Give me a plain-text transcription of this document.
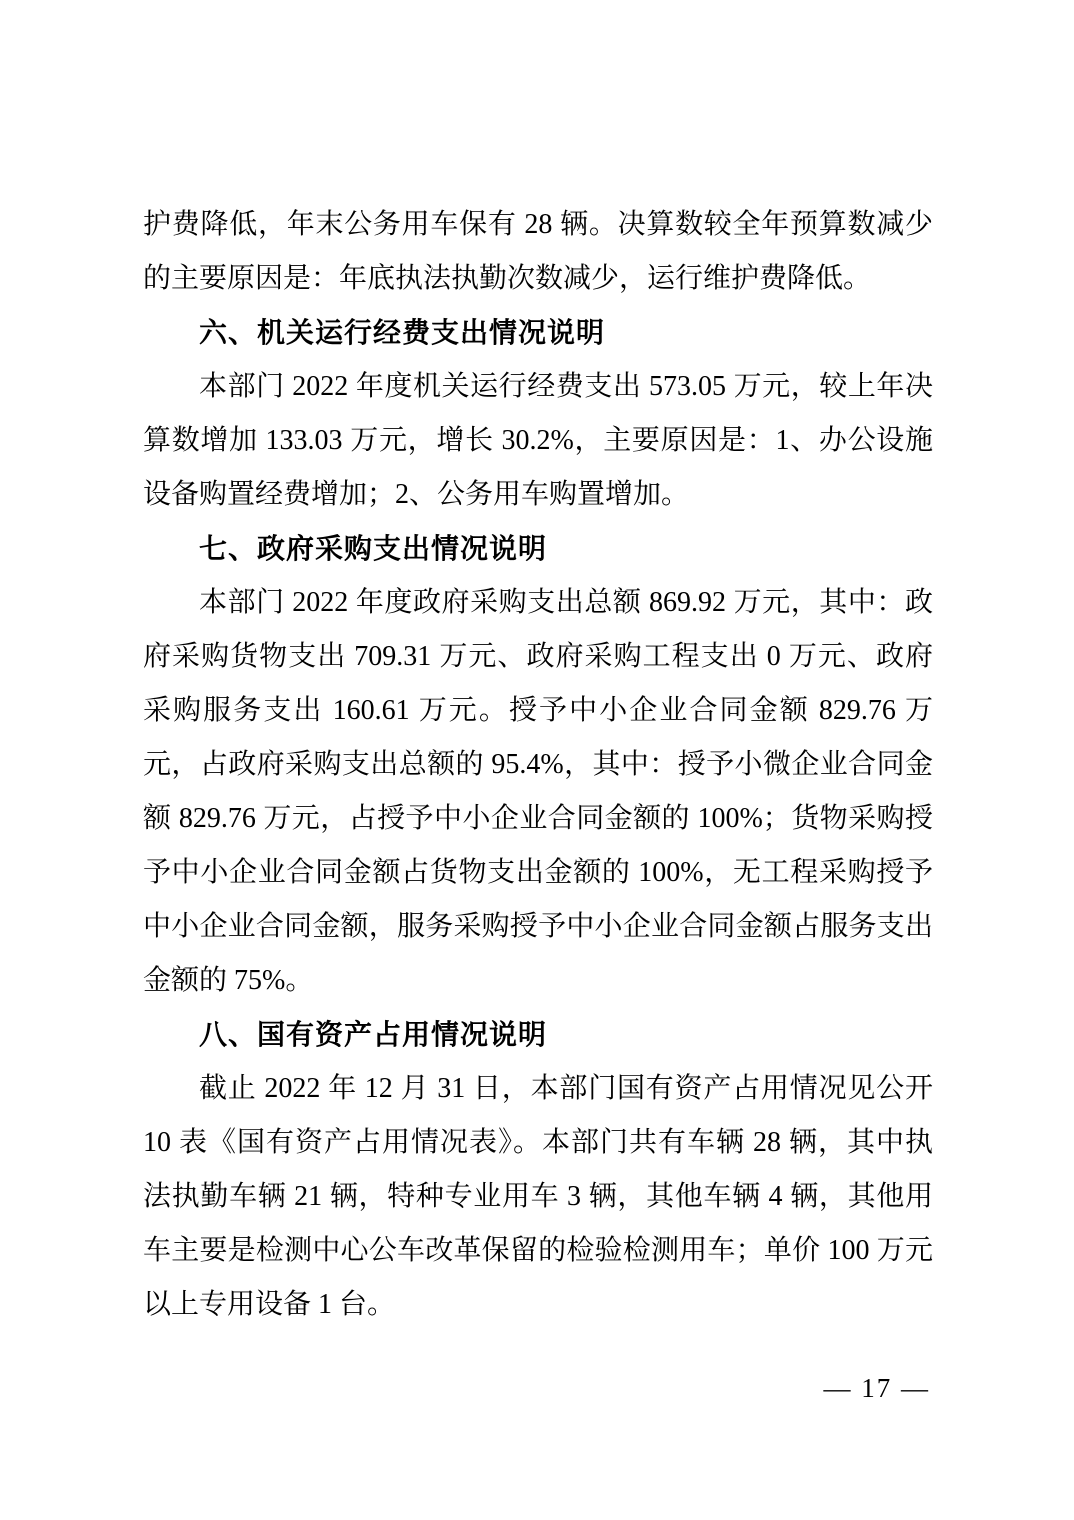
护费降低，年末公务用车保有 28 辆。决算数较全年预算数减少的主要原因是：年底执法执勤次数减少，运行维护费降低。

六、机关运行经费支出情况说明

本部门 2022 年度机关运行经费支出 573.05 万元，较上年决算数增加 133.03 万元，增长 30.2%，主要原因是：1、办公设施设备购置经费增加；2、公务用车购置增加。

七、政府采购支出情况说明

本部门 2022 年度政府采购支出总额 869.92 万元，其中：政府采购货物支出 709.31 万元、政府采购工程支出 0 万元、政府采购服务支出 160.61 万元。授予中小企业合同金额 829.76 万元，占政府采购支出总额的 95.4%，其中：授予小微企业合同金额 829.76 万元，占授予中小企业合同金额的 100%；货物采购授予中小企业合同金额占货物支出金额的 100%，无工程采购授予中小企业合同金额，服务采购授予中小企业合同金额占服务支出金额的 75%。

八、国有资产占用情况说明

截止 2022 年 12 月 31 日，本部门国有资产占用情况见公开 10 表《国有资产占用情况表》。本部门共有车辆 28 辆，其中执法执勤车辆 21 辆，特种专业用车 3 辆，其他车辆 4 辆，其他用车主要是检测中心公车改革保留的检验检测用车；单价 100 万元以上专用设备 1 台。

— 17 —
